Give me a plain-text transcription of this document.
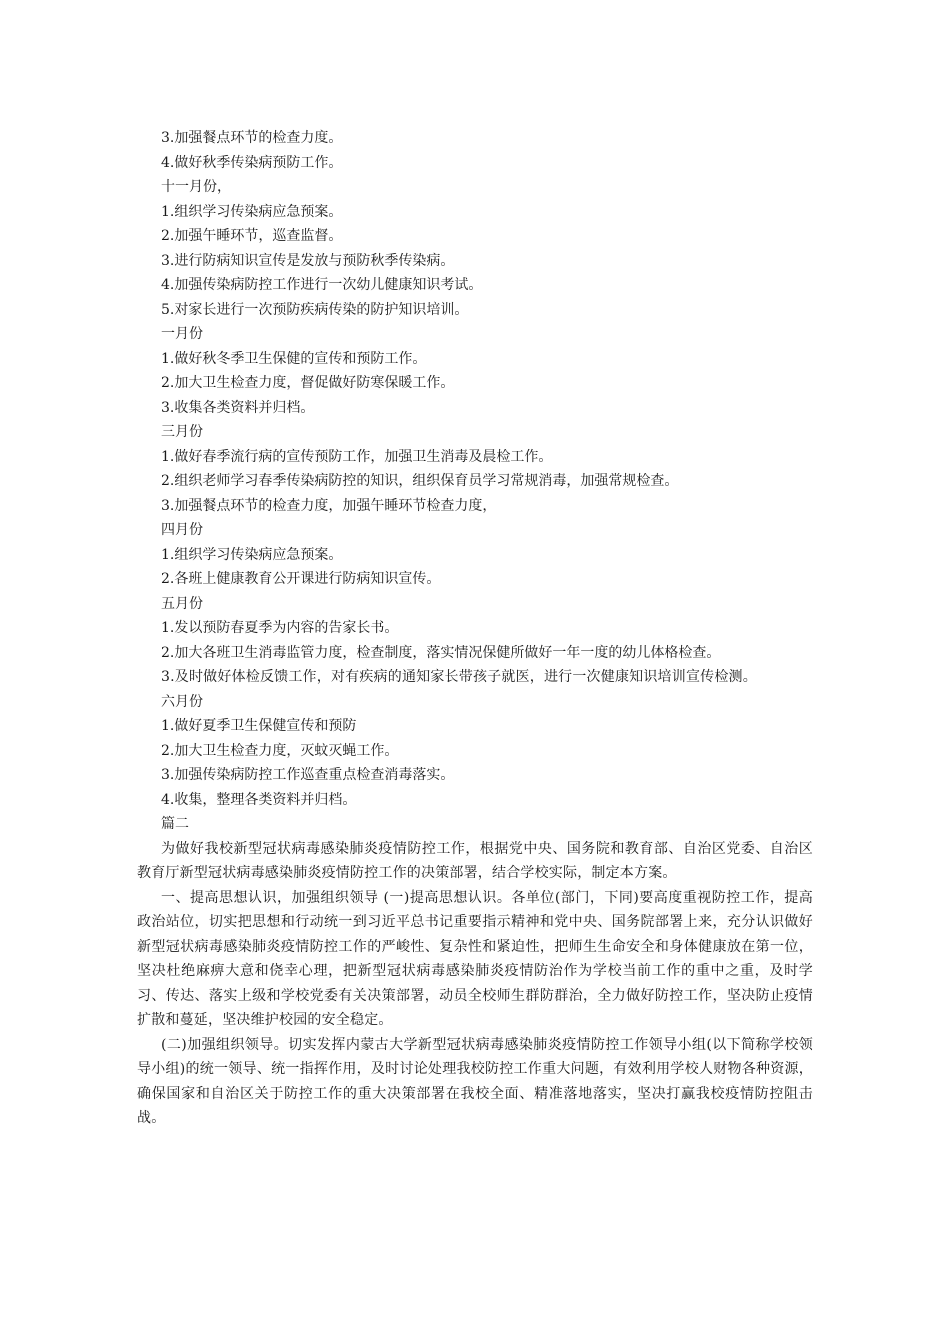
3.加强餐点环节的检查力度。
4.做好秋季传染病预防工作。
十一月份，
1.组织学习传染病应急预案。
2.加强午睡环节，巡查监督。
3.进行防病知识宣传是发放与预防秋季传染病。
4.加强传染病防控工作进行一次幼儿健康知识考试。
5.对家长进行一次预防疾病传染的防护知识培训。
一月份
1.做好秋冬季卫生保健的宣传和预防工作。
2.加大卫生检查力度，督促做好防寒保暖工作。
3.收集各类资料并归档。
三月份
1.做好春季流行病的宣传预防工作，加强卫生消毒及晨检工作。
2.组织老师学习春季传染病防控的知识，组织保育员学习常规消毒，加强常规检查。
3.加强餐点环节的检查力度，加强午睡环节检查力度，
四月份
1.组织学习传染病应急预案。
2.各班上健康教育公开课进行防病知识宣传。
五月份
1.发以预防春夏季为内容的告家长书。
2.加大各班卫生消毒监管力度，检查制度，落实情况保健所做好一年一度的幼儿体格检查。
3.及时做好体检反馈工作，对有疾病的通知家长带孩子就医，进行一次健康知识培训宣传检测。
六月份
1.做好夏季卫生保健宣传和预防
2.加大卫生检查力度，灭蚊灭蝇工作。
3.加强传染病防控工作巡查重点检查消毒落实。
4.收集，整理各类资料并归档。
篇二
为做好我校新型冠状病毒感染肺炎疫情防控工作，根据党中央、国务院和教育部、自治区党委、自治区教育厅新型冠状病毒感染肺炎疫情防控工作的决策部署，结合学校实际，制定本方案。
一、提高思想认识，加强组织领导 (一)提高思想认识。各单位(部门，下同)要高度重视防控工作，提高政治站位，切实把思想和行动统一到习近平总书记重要指示精神和党中央、国务院部署上来，充分认识做好新型冠状病毒感染肺炎疫情防控工作的严峻性、复杂性和紧迫性，把师生生命安全和身体健康放在第一位，坚决杜绝麻痹大意和侥幸心理，把新型冠状病毒感染肺炎疫情防治作为学校当前工作的重中之重，及时学习、传达、落实上级和学校党委有关决策部署，动员全校师生群防群治，全力做好防控工作，坚决防止疫情扩散和蔓延，坚决维护校园的安全稳定。
(二)加强组织领导。切实发挥内蒙古大学新型冠状病毒感染肺炎疫情防控工作领导小组(以下简称学校领导小组)的统一领导、统一指挥作用，及时讨论处理我校防控工作重大问题，有效利用学校人财物各种资源，确保国家和自治区关于防控工作的重大决策部署在我校全面、精准落地落实，坚决打赢我校疫情防控阻击战。
